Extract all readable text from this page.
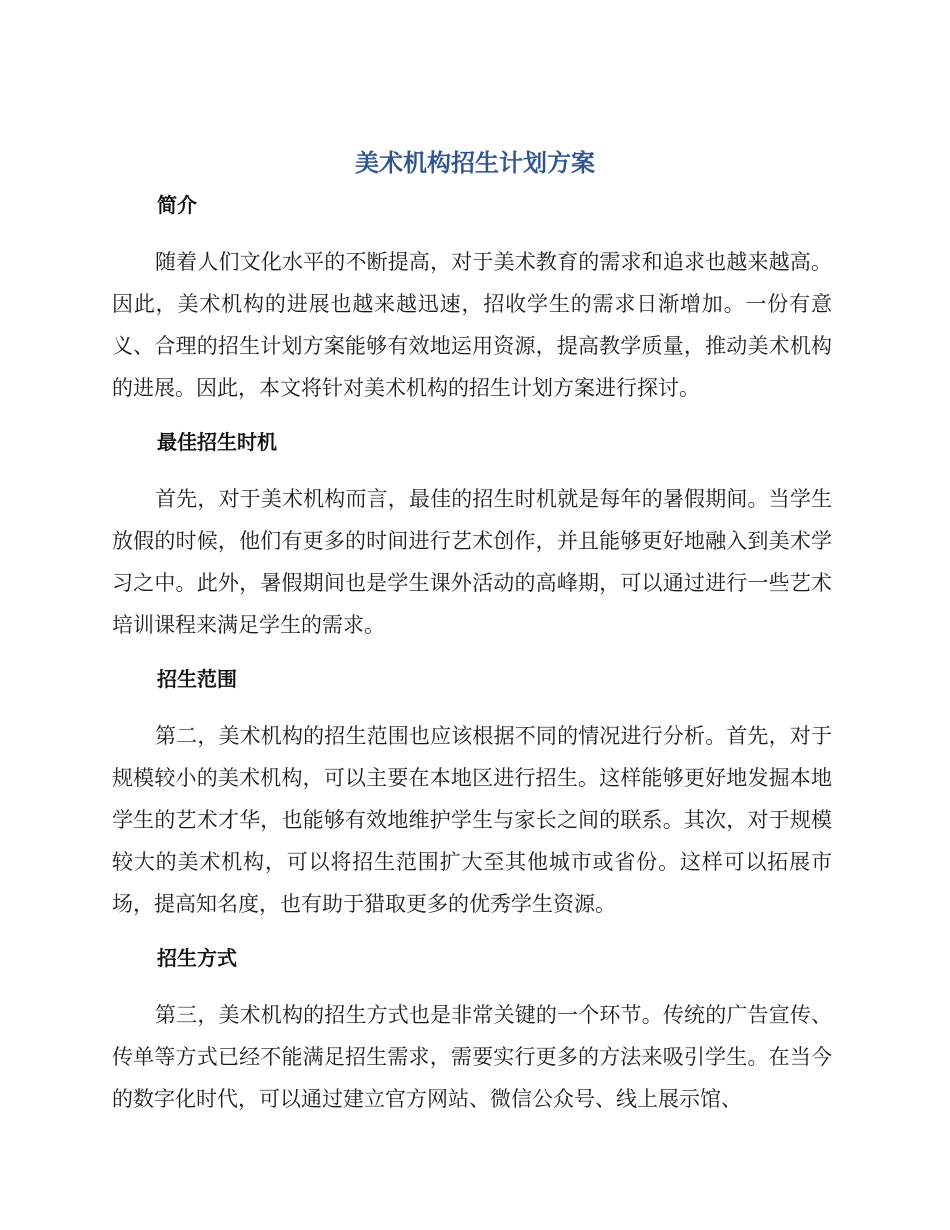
美术机构招生计划方案
简介

随着人们文化水平的不断提高，对于美术教育的需求和追求也越来越高。因此，美术机构的进展也越来越迅速，招收学生的需求日渐增加。一份有意义、合理的招生计划方案能够有效地运用资源，提高教学质量，推动美术机构的进展。因此，本文将针对美术机构的招生计划方案进行探讨。

最佳招生时机

首先，对于美术机构而言，最佳的招生时机就是每年的暑假期间。当学生放假的时候，他们有更多的时间进行艺术创作，并且能够更好地融入到美术学习之中。此外，暑假期间也是学生课外活动的高峰期，可以通过进行一些艺术培训课程来满足学生的需求。

招生范围

第二，美术机构的招生范围也应该根据不同的情况进行分析。首先，对于规模较小的美术机构，可以主要在本地区进行招生。这样能够更好地发掘本地学生的艺术才华，也能够有效地维护学生与家长之间的联系。其次，对于规模较大的美术机构，可以将招生范围扩大至其他城市或省份。这样可以拓展市场，提高知名度，也有助于猎取更多的优秀学生资源。

招生方式

第三，美术机构的招生方式也是非常关键的一个环节。传统的广告宣传、传单等方式已经不能满足招生需求，需要实行更多的方法来吸引学生。在当今的数字化时代，可以通过建立官方网站、微信公众号、线上展示馆、
